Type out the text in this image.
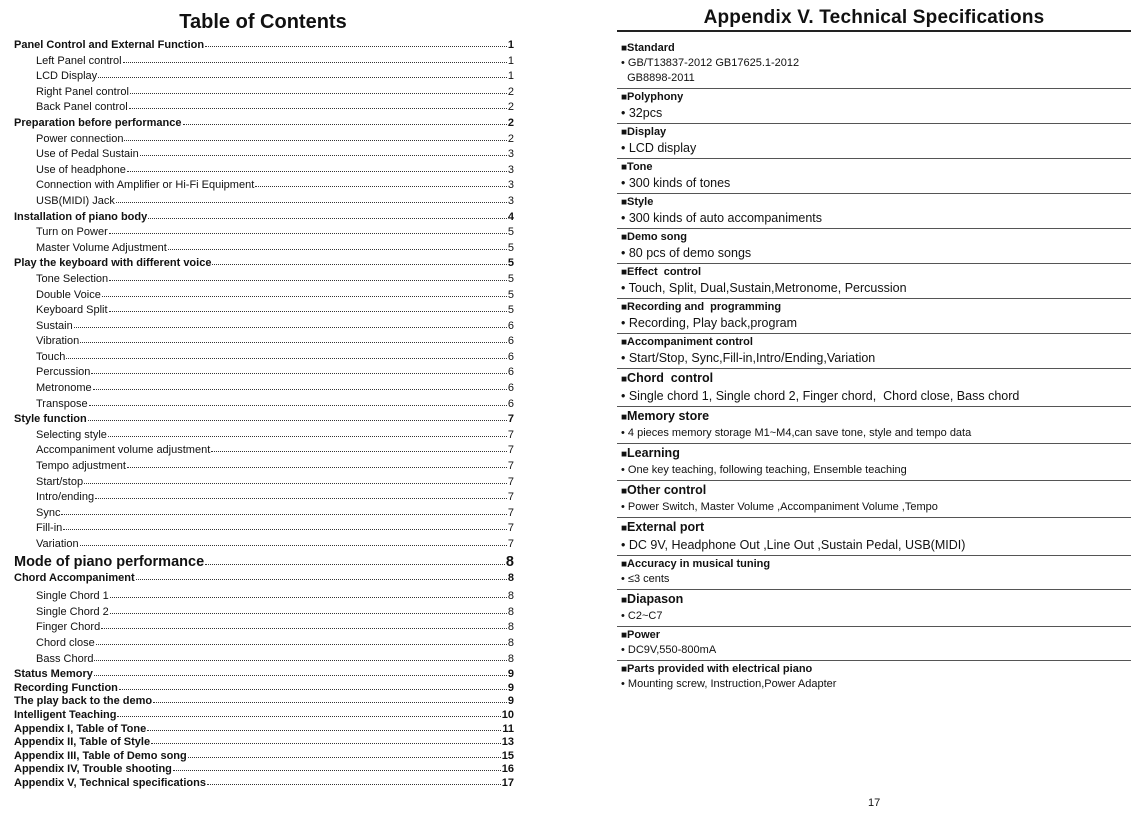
Table of Contents
Panel Control and External Function	1
Left Panel control	1
LCD Display	1
Right Panel control	2
Back Panel control	2
Preparation before performance	2
Power connection	2
Use of Pedal Sustain	3
Use of headphone	3
Connection with Amplifier or Hi-Fi Equipment	3
USB(MIDI) Jack	3
Installation of piano body	4
Turn on Power	5
Master Volume Adjustment	5
Play the keyboard with different voice	5
Tone Selection	5
Double Voice	5
Keyboard Split	5
Sustain	6
Vibration	6
Touch	6
Percussion	6
Metronome	6
Transpose	6
Style function	7
Selecting style	7
Accompaniment volume adjustment	7
Tempo adjustment	7
Start/stop	7
Intro/ending	7
Sync	7
Fill-in	7
Variation	7
Mode of piano performance	8
Chord Accompaniment	8
Single Chord 1	8
Single Chord 2	8
Finger Chord	8
Chord close	8
Bass Chord	8
Status Memory	9
Recording Function	9
The play back to the demo	9
Intelligent Teaching	10
Appendix I, Table of Tone	11
Appendix II, Table of Style	13
Appendix III, Table of Demo song	15
Appendix IV, Trouble shooting	16
Appendix V, Technical specifications	17
Appendix V. Technical Specifications
■Standard
• GB/T13837-2012 GB17625.1-2012
GB8898-2011
■Polyphony
• 32pcs
■Display
• LCD display
■Tone
• 300 kinds of tones
■Style
• 300 kinds of auto accompaniments
■Demo song
• 80 pcs of demo songs
■Effect  control
• Touch, Split, Dual,Sustain,Metronome, Percussion
■Recording and  programming
• Recording, Play back,program
■Accompaniment control
• Start/Stop, Sync,Fill-in,Intro/Ending,Variation
■Chord  control
• Single chord 1, Single chord 2, Finger chord,  Chord close, Bass chord
■Memory store
• 4 pieces memory storage M1~M4,can save tone, style and tempo data
■Learning
• One key teaching, following teaching, Ensemble teaching
■Other control
• Power Switch, Master Volume ,Accompaniment Volume ,Tempo
■External port
• DC 9V, Headphone Out ,Line Out ,Sustain Pedal, USB(MIDI)
■Accuracy in musical tuning
• ≤3 cents
■Diapason
• C2~C7
■Power
• DC9V,550-800mA
■Parts provided with electrical piano
• Mounting screw, Instruction,Power Adapter
17
